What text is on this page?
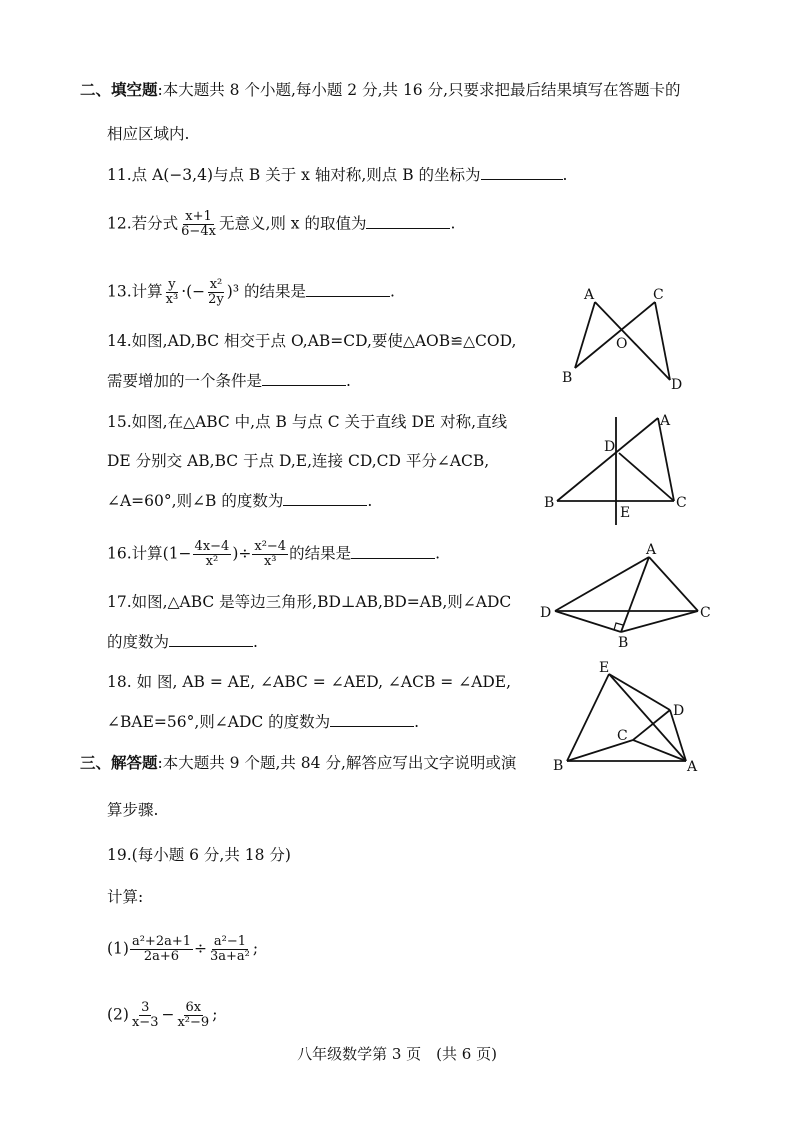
二、填空题:本大题共 8 个小题,每小题 2 分,共 16 分,只要求把最后结果填写在答题卡的
相应区域内.
11.点 A(−3,4)与点 B 关于 x 轴对称,则点 B 的坐标为	.
12.若分式 $\frac{x+1}{6-4x}$ 无意义,则 x 的取值为	.
13.计算 $\frac{y}{\text{x³}}$ ·(− $\frac{\text{x²}}{2y} )^3$ 的结果是	.
14.如图,AD,BC 相交于点 O,AB=CD,要使△AOB≌△COD,
需要增加的一个条件是	.
15.如图,在△ABC 中,点 B 与点 C 关于直线 DE 对称,直线
DE 分别交 AB,BC 于点 D,E,连接 CD,CD 平分∠ACB,
∠A=60°,则∠B 的度数为	.
16.计算($1- \frac{4x-4}{\text{x²}}$ )÷ $\frac{\text{x²−4}}{\text{x³}}$ 的结果是	.
17.如图,△ABC 是等边三角形,BD⊥AB,BD=AB,则∠ADC
的度数为	.
18. 如 图, AB = AE, ∠ABC = ∠AED, ∠ACB = ∠ADE,
∠BAE=56°,则∠ADC 的度数为	.
三、解答题:本大题共 9 个题,共 84 分,解答应写出文字说明或演
算步骤.
19.(每小题 6 分,共 18 分)
计算:
$(1) \frac{\text{a²+2a+1}}{2a+6} \div \frac{\text{a²−1}}{\text{3a+a²}}$ ;
$(2) \frac{3}{x-3} - \frac{6x}{\text{x²−9}}$ ;
八年级数学第 3 页　(共 6 页)
A
B
C
D
O
D
A
B	C
E
A
D	C
B
E
D
C
B	A
